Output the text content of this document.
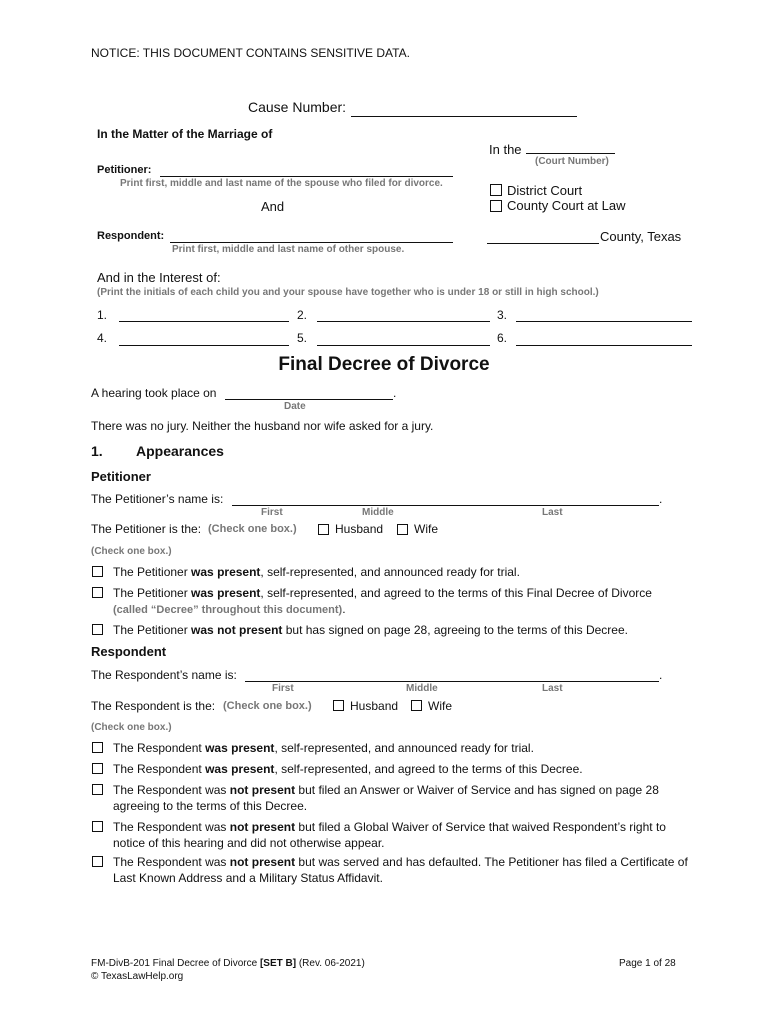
NOTICE: THIS DOCUMENT CONTAINS SENSITIVE DATA.
Cause Number:
In the Matter of the Marriage of
Petitioner:
Print first, middle and last name of the spouse who filed for divorce.
And
Respondent:
Print first, middle and last name of other spouse.
In the
(Court Number)
District Court
County Court at Law
County, Texas
And in the Interest of:
(Print the initials of each child you and your spouse have together who is under 18 or still in high school.)
1.	2.	3.
4.	5.	6.
Final Decree of Divorce
A hearing took place on	.
Date
There was no jury. Neither the husband nor wife asked for a jury.
1. Appearances
Petitioner
The Petitioner’s name is:	.
First	Middle	Last
The Petitioner is the: (Check one box.)	Husband	Wife
(Check one box.)
The Petitioner was present, self-represented, and announced ready for trial.
The Petitioner was present, self-represented, and agreed to the terms of this Final Decree of Divorce
(called “Decree” throughout this document).
The Petitioner was not present but has signed on page 28, agreeing to the terms of this Decree.
Respondent
The Respondent’s name is:	.
First	Middle	Last
The Respondent is the: (Check one box.)	Husband Wife
(Check one box.)
The Respondent was present, self-represented, and announced ready for trial.
The Respondent was present, self-represented, and agreed to the terms of this Decree.
The Respondent was not present but filed an Answer or Waiver of Service and has signed on page 28 agreeing to the terms of this Decree.
The Respondent was not present but filed a Global Waiver of Service that waived Respondent’s right to notice of this hearing and did not otherwise appear.
The Respondent was not present but was served and has defaulted. The Petitioner has filed a Certificate of Last Known Address and a Military Status Affidavit.
FM-DivB-201 Final Decree of Divorce [SET B] (Rev. 06-2021)
© TexasLawHelp.org
Page 1 of 28
